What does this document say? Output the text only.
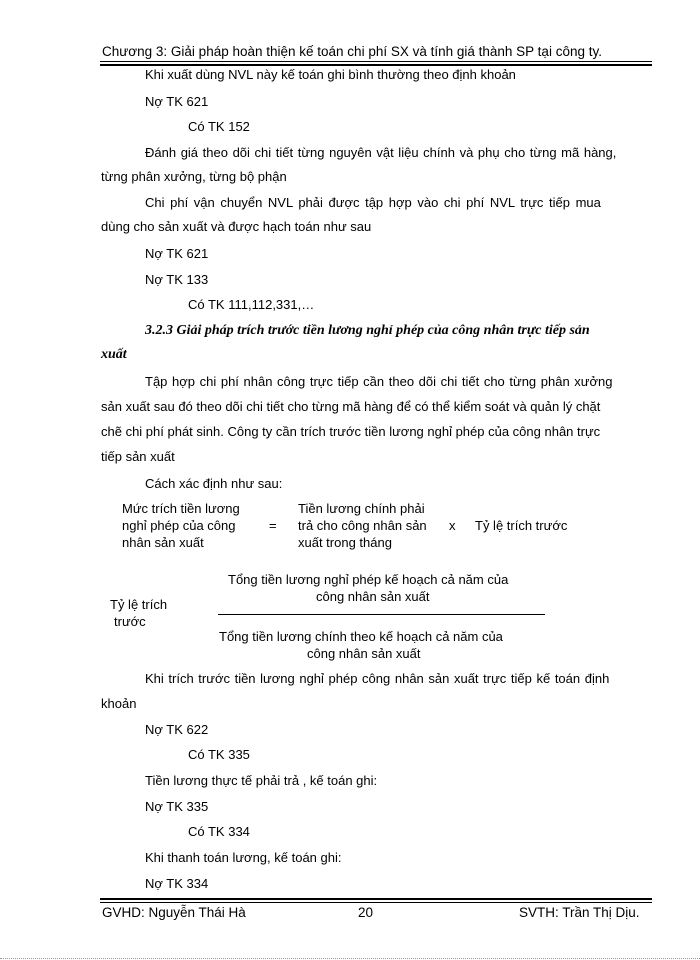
Chương 3: Giải pháp hoàn thiện kế toán chi phí SX và tính giá thành SP tại công ty.
Khi xuất dùng NVL này kế toán ghi bình thường theo định khoản
Nợ TK 621
Có TK 152
Đánh giá theo dõi chi tiết từng nguyên vật liệu chính và phụ cho từng mã hàng,
từng phân xưởng, từng bộ phận
Chi phí vận chuyển NVL phải được tập hợp vào chi phí NVL trực tiếp mua
dùng cho sản xuất và được hạch toán như sau
Nợ TK 621
Nợ TK 133
Có TK 111,112,331,…
3.2.3 Giải pháp trích trước tiền lương nghỉ phép của công nhân trực tiếp sản
xuất
Tập hợp chi phí nhân công trực tiếp cần theo dõi chi tiết cho từng phân xưởng
sản xuất sau đó theo dõi chi tiết cho từng mã hàng để có thể kiểm soát và quản lý chặt
chẽ chi phí phát sinh. Công ty cần trích trước tiền lương nghỉ phép của công nhân trực
tiếp sản xuất
Cách xác định như sau:
Mức trích tiền lương
nghỉ phép của công
nhân sản xuất
=
Tiền lương chính phải
trả cho công nhân sản
xuất trong tháng
x Tỷ lệ trích trước
Tổng tiền lương nghỉ phép kế hoạch cả năm của
công nhân sản xuất
Tỷ lệ trích
trước
Tổng tiền lương chính theo kế hoạch cả năm của
công nhân sản xuất
Khi trích trước tiền lương nghỉ phép công nhân sản xuất trực tiếp kế toán định
khoản
Nợ TK 622
Có TK 335
Tiền lương thực tế phải trả , kế toán ghi:
Nợ TK 335
Có TK 334
Khi thanh toán lương, kế toán ghi:
Nợ TK 334
GVHD: Nguyễn Thái Hà	20	SVTH: Trần Thị Dịu.
